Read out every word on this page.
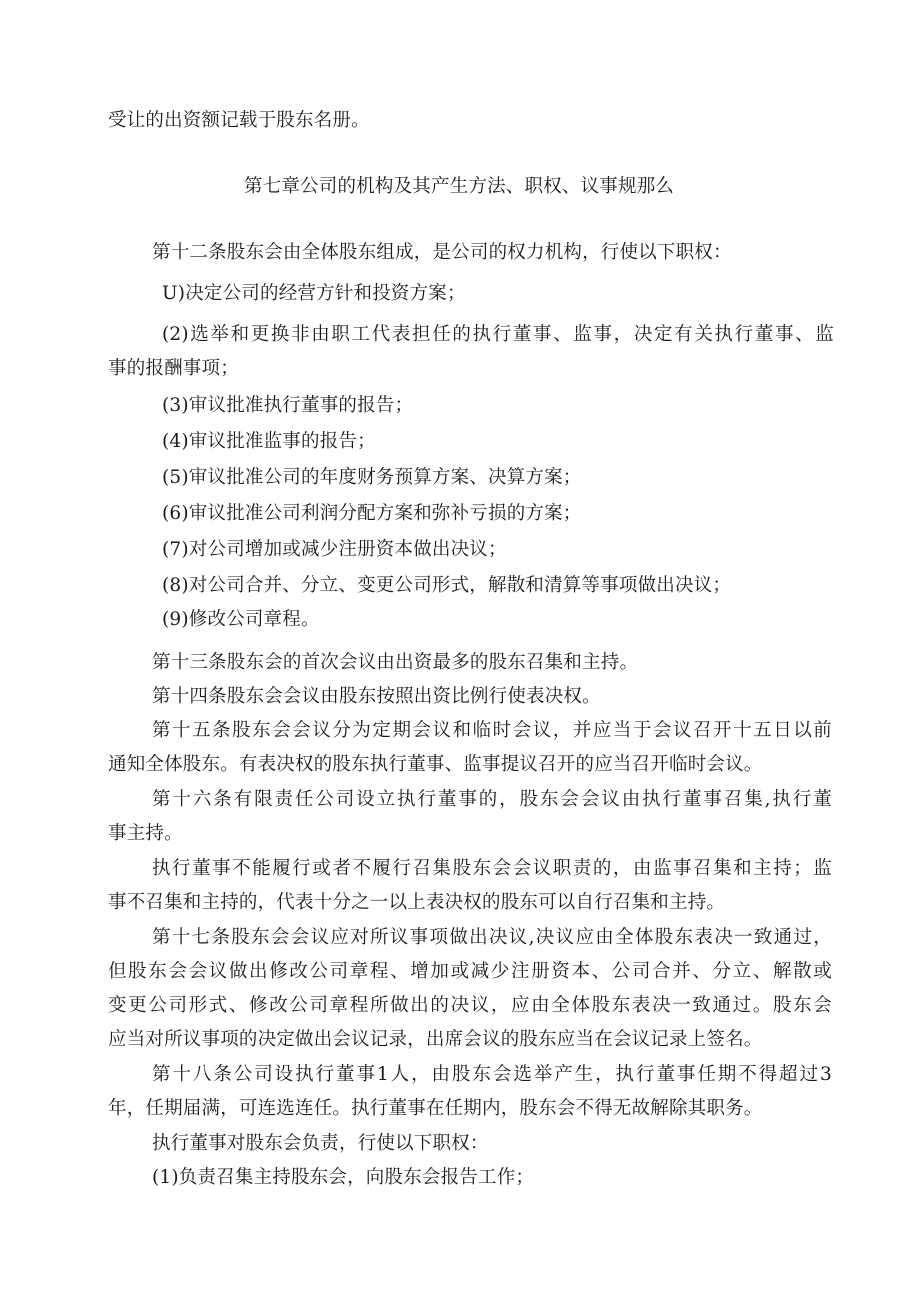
受让的出资额记载于股东名册。
第七章公司的机构及其产生方法、职权、议事规那么
第十二条股东会由全体股东组成，是公司的权力机构，行使以下职权：
U)决定公司的经营方针和投资方案；
(2)选举和更换非由职工代表担任的执行董事、监事，决定有关执行董事、监
事的报酬事项；
(3)审议批准执行董事的报告；
(4)审议批准监事的报告；
(5)审议批准公司的年度财务预算方案、决算方案；
(6)审议批准公司利润分配方案和弥补亏损的方案；
(7)对公司增加或减少注册资本做出决议；
(8)对公司合并、分立、变更公司形式，解散和清算等事项做出决议；
(9)修改公司章程。
第十三条股东会的首次会议由出资最多的股东召集和主持。
第十四条股东会会议由股东按照出资比例行使表决权。
第十五条股东会会议分为定期会议和临时会议，并应当于会议召开十五日以前
通知全体股东。有表决权的股东执行董事、监事提议召开的应当召开临时会议。
第十六条有限责任公司设立执行董事的，股东会会议由执行董事召集,执行董
事主持。
执行董事不能履行或者不履行召集股东会会议职责的，由监事召集和主持；监
事不召集和主持的，代表十分之一以上表决权的股东可以自行召集和主持。
第十七条股东会会议应对所议事项做出决议,决议应由全体股东表决一致通过，
但股东会会议做出修改公司章程、增加或减少注册资本、公司合并、分立、解散或
变更公司形式、修改公司章程所做出的决议，应由全体股东表决一致通过。股东会
应当对所议事项的决定做出会议记录，出席会议的股东应当在会议记录上签名。
第十八条公司设执行董事1人，由股东会选举产生，执行董事任期不得超过3
年，任期届满，可连选连任。执行董事在任期内，股东会不得无故解除其职务。
执行董事对股东会负责，行使以下职权：
(1)负责召集主持股东会，向股东会报告工作；
